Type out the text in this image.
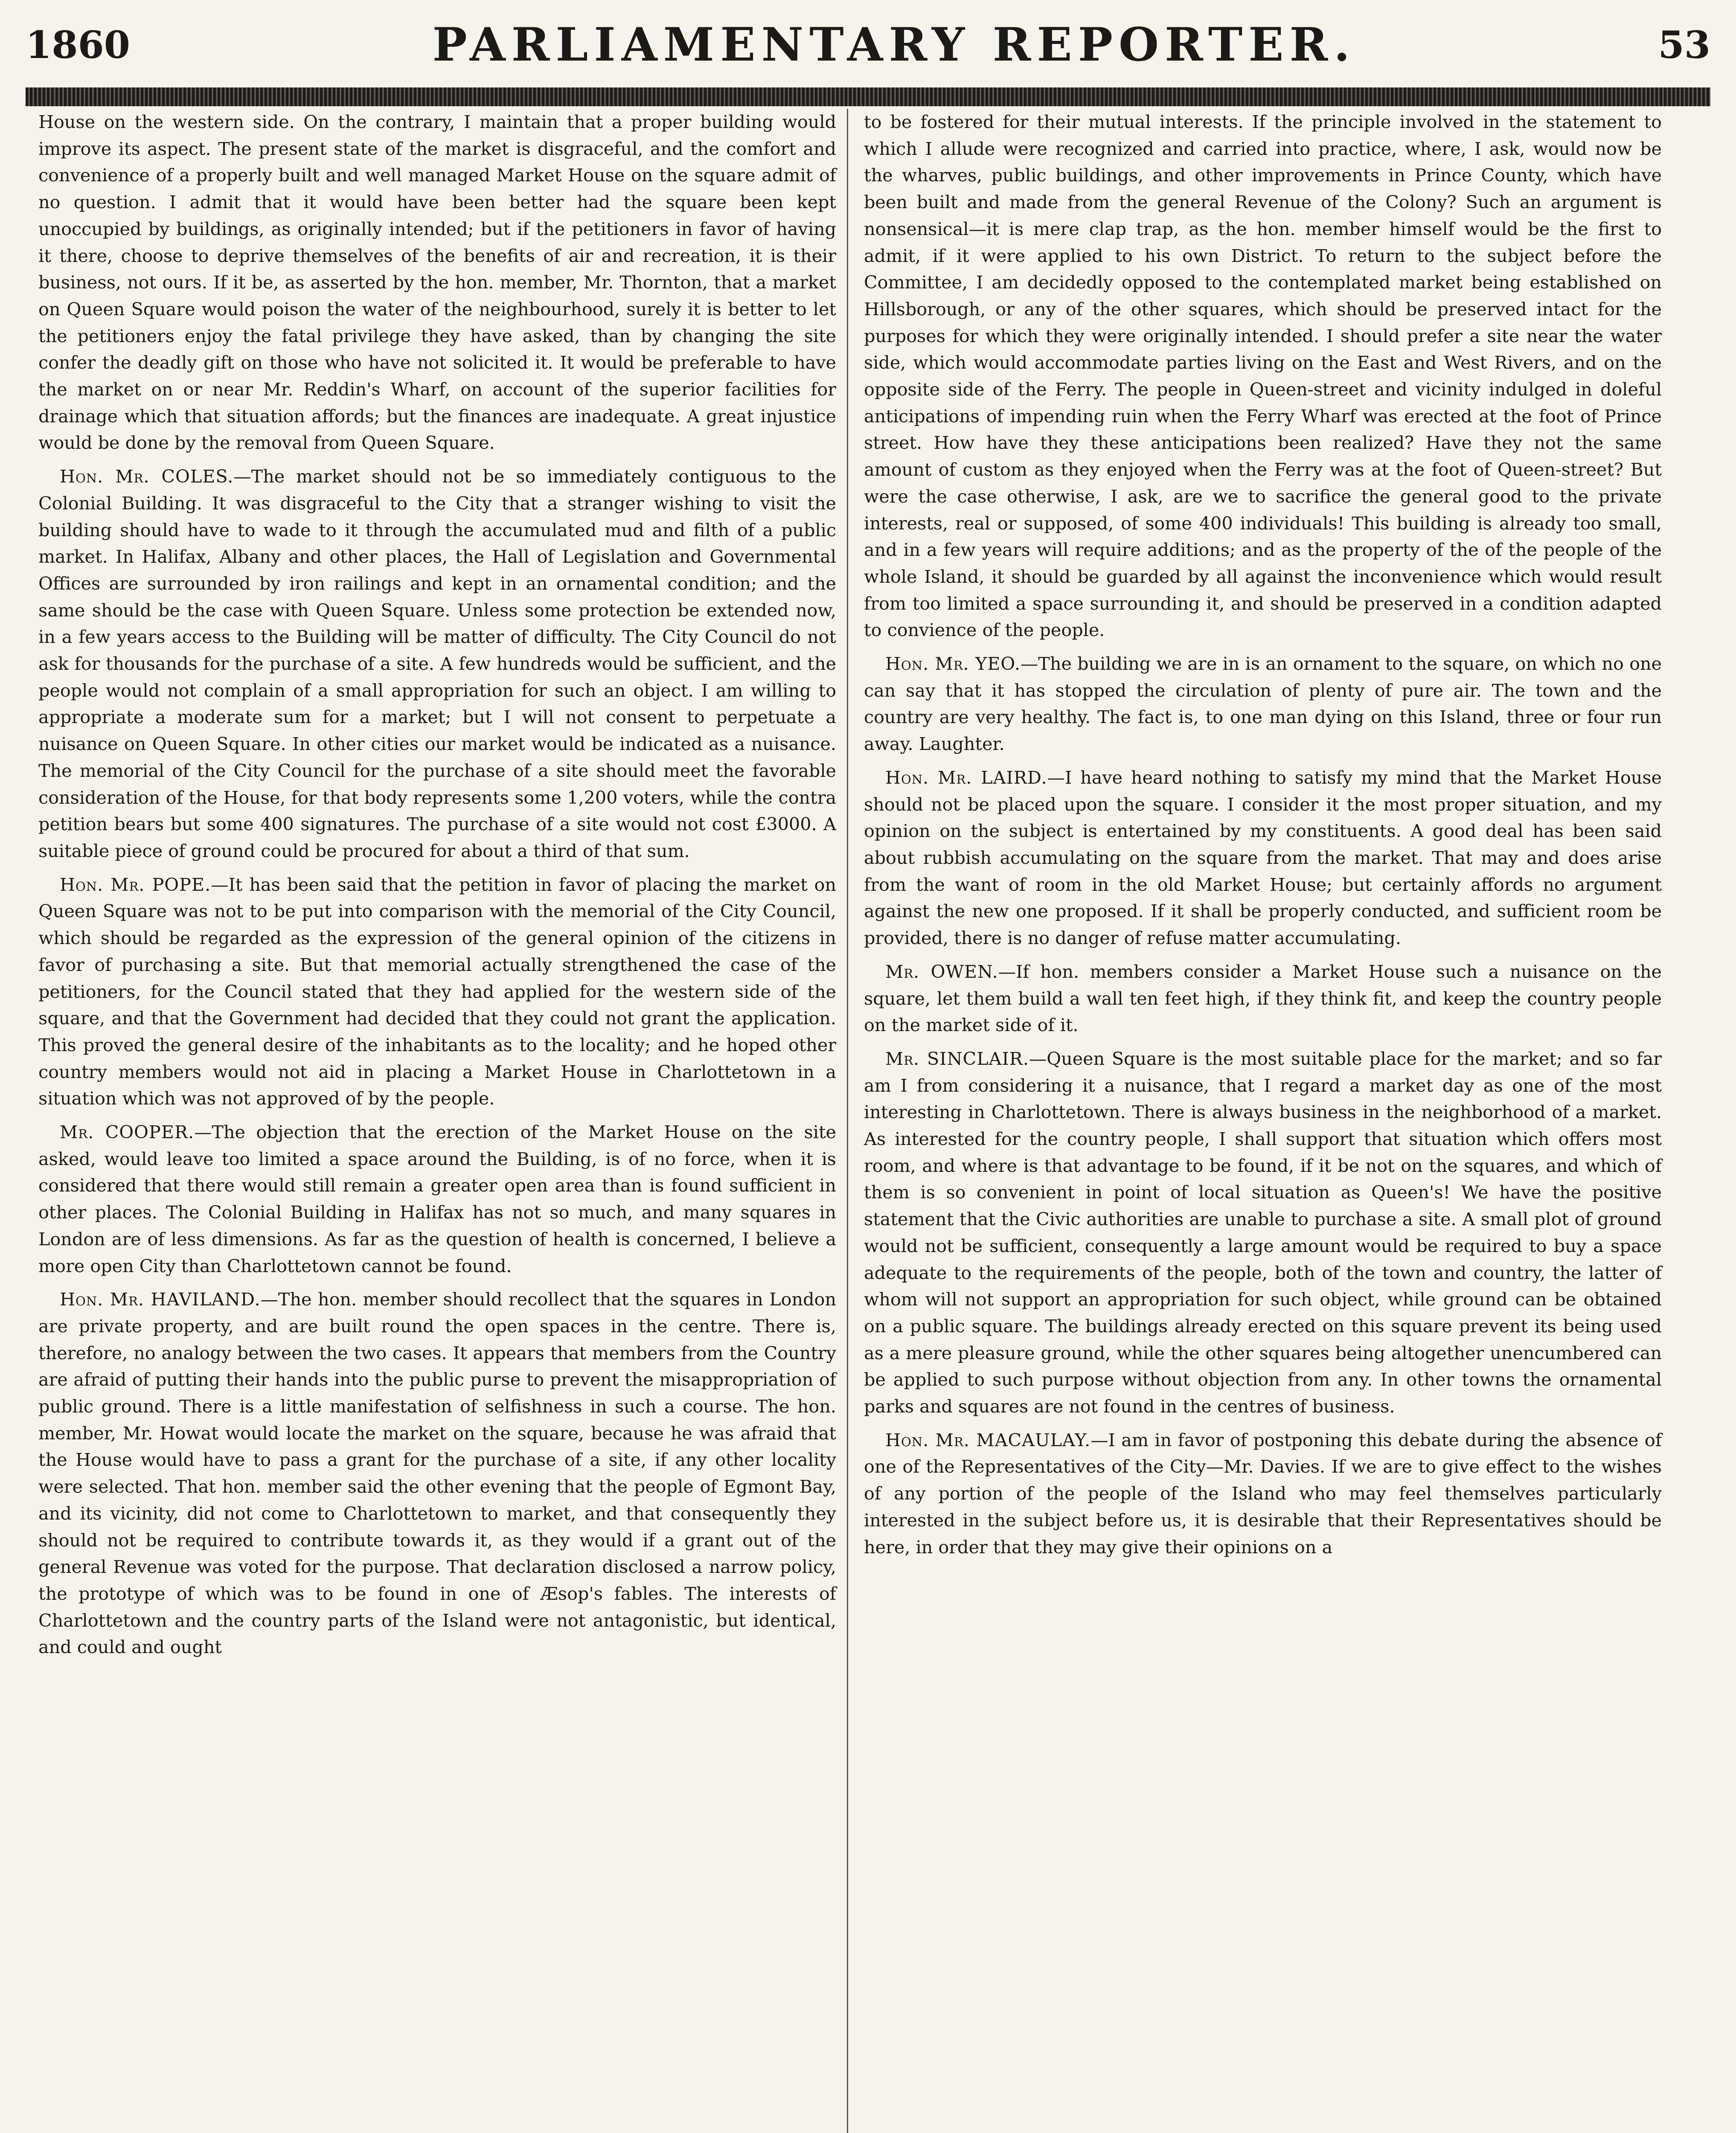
1860	PARLIAMENTARY REPORTER.	53

House on the western side. On the contrary, I maintain that a proper building would improve its aspect. The present state of the market is disgraceful, and the comfort and convenience of a properly built and well managed Market House on the square admit of no question. I admit that it would have been better had the square been kept unoccupied by buildings, as originally intended; but if the petitioners in favor of having it there, choose to deprive themselves of the benefits of air and recreation, it is their business, not ours. If it be, as asserted by the hon. member, Mr. Thornton, that a market on Queen Square would poison the water of the neighbourhood, surely it is better to let the petitioners enjoy the fatal privilege they have asked, than by changing the site confer the deadly gift on those who have not solicited it. It would be preferable to have the market on or near Mr. Reddin's Wharf, on account of the superior facilities for drainage which that situation affords; but the finances are inadequate. A great injustice would be done by the removal from Queen Square.

Hon. Mr. COLES.—The market should not be so immediately contiguous to the Colonial Building. It was disgraceful to the City that a stranger wishing to visit the building should have to wade to it through the accumulated mud and filth of a public market. In Halifax, Albany and other places, the Hall of Legislation and Governmental Offices are surrounded by iron railings and kept in an ornamental condition; and the same should be the case with Queen Square. Unless some protection be extended now, in a few years access to the Building will be matter of difficulty. The City Council do not ask for thousands for the purchase of a site. A few hundreds would be sufficient, and the people would not complain of a small appropriation for such an object. I am willing to appropriate a moderate sum for a market; but I will not consent to perpetuate a nuisance on Queen Square. In other cities our market would be indicated as a nuisance. The memorial of the City Council for the purchase of a site should meet the favorable consideration of the House, for that body represents some 1,200 voters, while the contra petition bears but some 400 signatures. The purchase of a site would not cost £3000. A suitable piece of ground could be procured for about a third of that sum.

Hon. Mr. POPE.—It has been said that the petition in favor of placing the market on Queen Square was not to be put into comparison with the memorial of the City Council, which should be regarded as the expression of the general opinion of the citizens in favor of purchasing a site. But that memorial actually strengthened the case of the petitioners, for the Council stated that they had applied for the western side of the square, and that the Government had decided that they could not grant the application. This proved the general desire of the inhabitants as to the locality; and he hoped other country members would not aid in placing a Market House in Charlottetown in a situation which was not approved of by the people.

Mr. COOPER.—The objection that the erection of the Market House on the site asked, would leave too limited a space around the Building, is of no force, when it is considered that there would still remain a greater open area than is found sufficient in other places. The Colonial Building in Halifax has not so much, and many squares in London are of less dimensions. As far as the question of health is concerned, I believe a more open City than Charlottetown cannot be found.

Hon. Mr. HAVILAND.—The hon. member should recollect that the squares in London are private property, and are built round the open spaces in the centre. There is, therefore, no analogy between the two cases. It appears that members from the Country are afraid of putting their hands into the public purse to prevent the misappropriation of public ground. There is a little manifestation of selfishness in such a course. The hon. member, Mr. Howat would locate the market on the square, because he was afraid that the House would have to pass a grant for the purchase of a site, if any other locality were selected. That hon. member said the other evening that the people of Egmont Bay, and its vicinity, did not come to Charlottetown to market, and that consequently they should not be required to contribute towards it, as they would if a grant out of the general Revenue was voted for the purpose. That declaration disclosed a narrow policy, the prototype of which was to be found in one of Æsop's fables. The interests of Charlottetown and the country parts of the Island were not antagonistic, but identical, and could and ought

to be fostered for their mutual interests. If the principle involved in the statement to which I allude were recognized and carried into practice, where, I ask, would now be the wharves, public buildings, and other improvements in Prince County, which have been built and made from the general Revenue of the Colony? Such an argument is nonsensical—it is mere clap trap, as the hon. member himself would be the first to admit, if it were applied to his own District. To return to the subject before the Committee, I am decidedly opposed to the contemplated market being established on Hillsborough, or any of the other squares, which should be preserved intact for the purposes for which they were originally intended. I should prefer a site near the water side, which would accommodate parties living on the East and West Rivers, and on the opposite side of the Ferry. The people in Queen-street and vicinity indulged in doleful anticipations of impending ruin when the Ferry Wharf was erected at the foot of Prince street. How have they these anticipations been realized? Have they not the same amount of custom as they enjoyed when the Ferry was at the foot of Queen-street? But were the case otherwise, I ask, are we to sacrifice the general good to the private interests, real or supposed, of some 400 individuals! This building is already too small, and in a few years will require additions; and as the property of the of the people of the whole Island, it should be guarded by all against the inconvenience which would result from too limited a space surrounding it, and should be preserved in a condition adapted to convience of the people.

Hon. Mr. YEO.—The building we are in is an ornament to the square, on which no one can say that it has stopped the circulation of plenty of pure air. The town and the country are very healthy. The fact is, to one man dying on this Island, three or four run away. Laughter.

Hon. Mr. LAIRD.—I have heard nothing to satisfy my mind that the Market House should not be placed upon the square. I consider it the most proper situation, and my opinion on the subject is entertained by my constituents. A good deal has been said about rubbish accumulating on the square from the market. That may and does arise from the want of room in the old Market House; but certainly affords no argument against the new one proposed. If it shall be properly conducted, and sufficient room be provided, there is no danger of refuse matter accumulating.

Mr. OWEN.—If hon. members consider a Market House such a nuisance on the square, let them build a wall ten feet high, if they think fit, and keep the country people on the market side of it.

Mr. SINCLAIR.—Queen Square is the most suitable place for the market; and so far am I from considering it a nuisance, that I regard a market day as one of the most interesting in Charlottetown. There is always business in the neighborhood of a market. As interested for the country people, I shall support that situation which offers most room, and where is that advantage to be found, if it be not on the squares, and which of them is so convenient in point of local situation as Queen's! We have the positive statement that the Civic authorities are unable to purchase a site. A small plot of ground would not be sufficient, consequently a large amount would be required to buy a space adequate to the requirements of the people, both of the town and country, the latter of whom will not support an appropriation for such object, while ground can be obtained on a public square. The buildings already erected on this square prevent its being used as a mere pleasure ground, while the other squares being altogether unencumbered can be applied to such purpose without objection from any. In other towns the ornamental parks and squares are not found in the centres of business.

Hon. Mr. MACAULAY.—I am in favor of postponing this debate during the absence of one of the Representatives of the City—Mr. Davies. If we are to give effect to the wishes of any portion of the people of the Island who may feel themselves particularly interested in the subject before us, it is desirable that their Representatives should be here, in order that they may give their opinions on a
